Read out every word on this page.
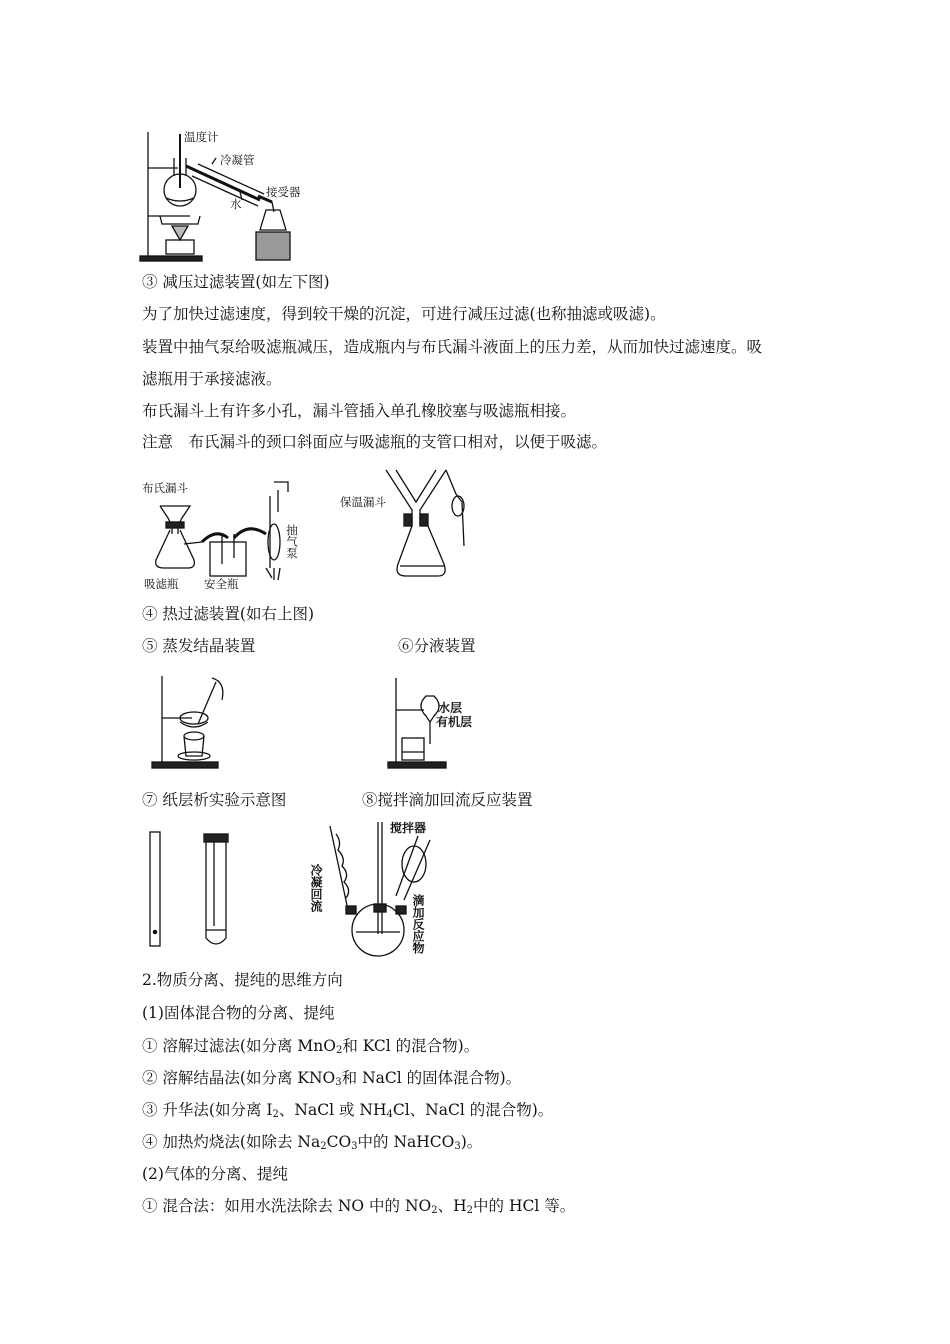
温度计
冷凝管
水
接受器
③ 减压过滤装置(如左下图)
为了加快过滤速度，得到较干燥的沉淀，可进行减压过滤(也称抽滤或吸滤)。
装置中抽气泵给吸滤瓶减压，造成瓶内与布氏漏斗液面上的压力差，从而加快过滤速度。吸
滤瓶用于承接滤液。
布氏漏斗上有许多小孔，漏斗管插入单孔橡胶塞与吸滤瓶相接。
注意　布氏漏斗的颈口斜面应与吸滤瓶的支管口相对，以便于吸滤。
布氏漏斗
吸滤瓶 安全瓶
抽气泵
保温漏斗
④ 热过滤装置(如右上图)
⑤ 蒸发结晶装置	⑥分液装置
水层
有机层
⑦ 纸层析实验示意图	⑧搅拌滴加回流反应装置
搅拌器
冷凝回流
滴加反应物
2.物质分离、提纯的思维方向
(1)固体混合物的分离、提纯
① 溶解过滤法(如分离 MnO$_2$和 KCl 的混合物)。
② 溶解结晶法(如分离 $KNO_3$和 NaCl 的固体混合物)。
③ 升华法(如分离 $I_2$、NaCl 或 $NH_4Cl$、NaCl 的混合物)。
④ 加热灼烧法(如除去 $Na_2CO_3$中的 NaHCO$_3$)。
(2)气体的分离、提纯
① 混合法：如用水洗法除去 NO 中的 $NO_2$、$H_2$中的 HCl 等。
